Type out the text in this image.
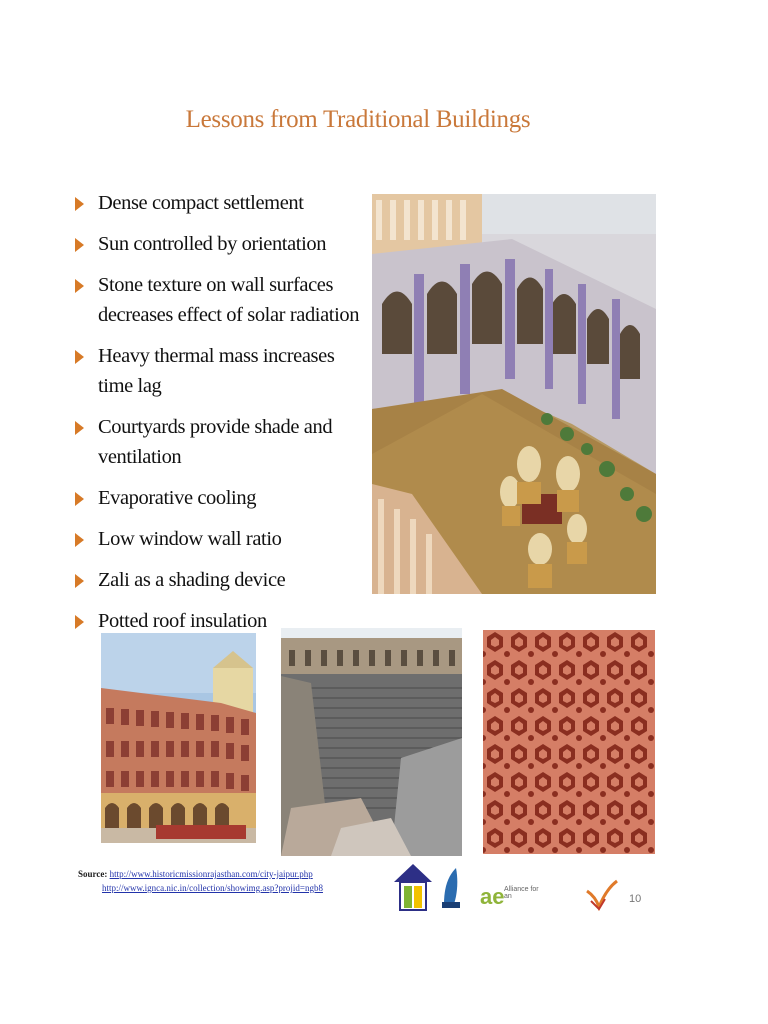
Lessons from Traditional Buildings
Dense compact settlement
Sun controlled by orientation
Stone texture on wall surfaces decreases effect of solar radiation
Heavy thermal mass increases time lag
Courtyards provide shade and ventilation
Evaporative cooling
Low window wall ratio
Zali as a shading device
Potted roof insulation
Source: http://www.historicmissionrajasthan.com/city-jaipur.php
http://www.ignca.nic.in/collection/showimg.asp?projid=ngb8	ae Alliance for an	10
